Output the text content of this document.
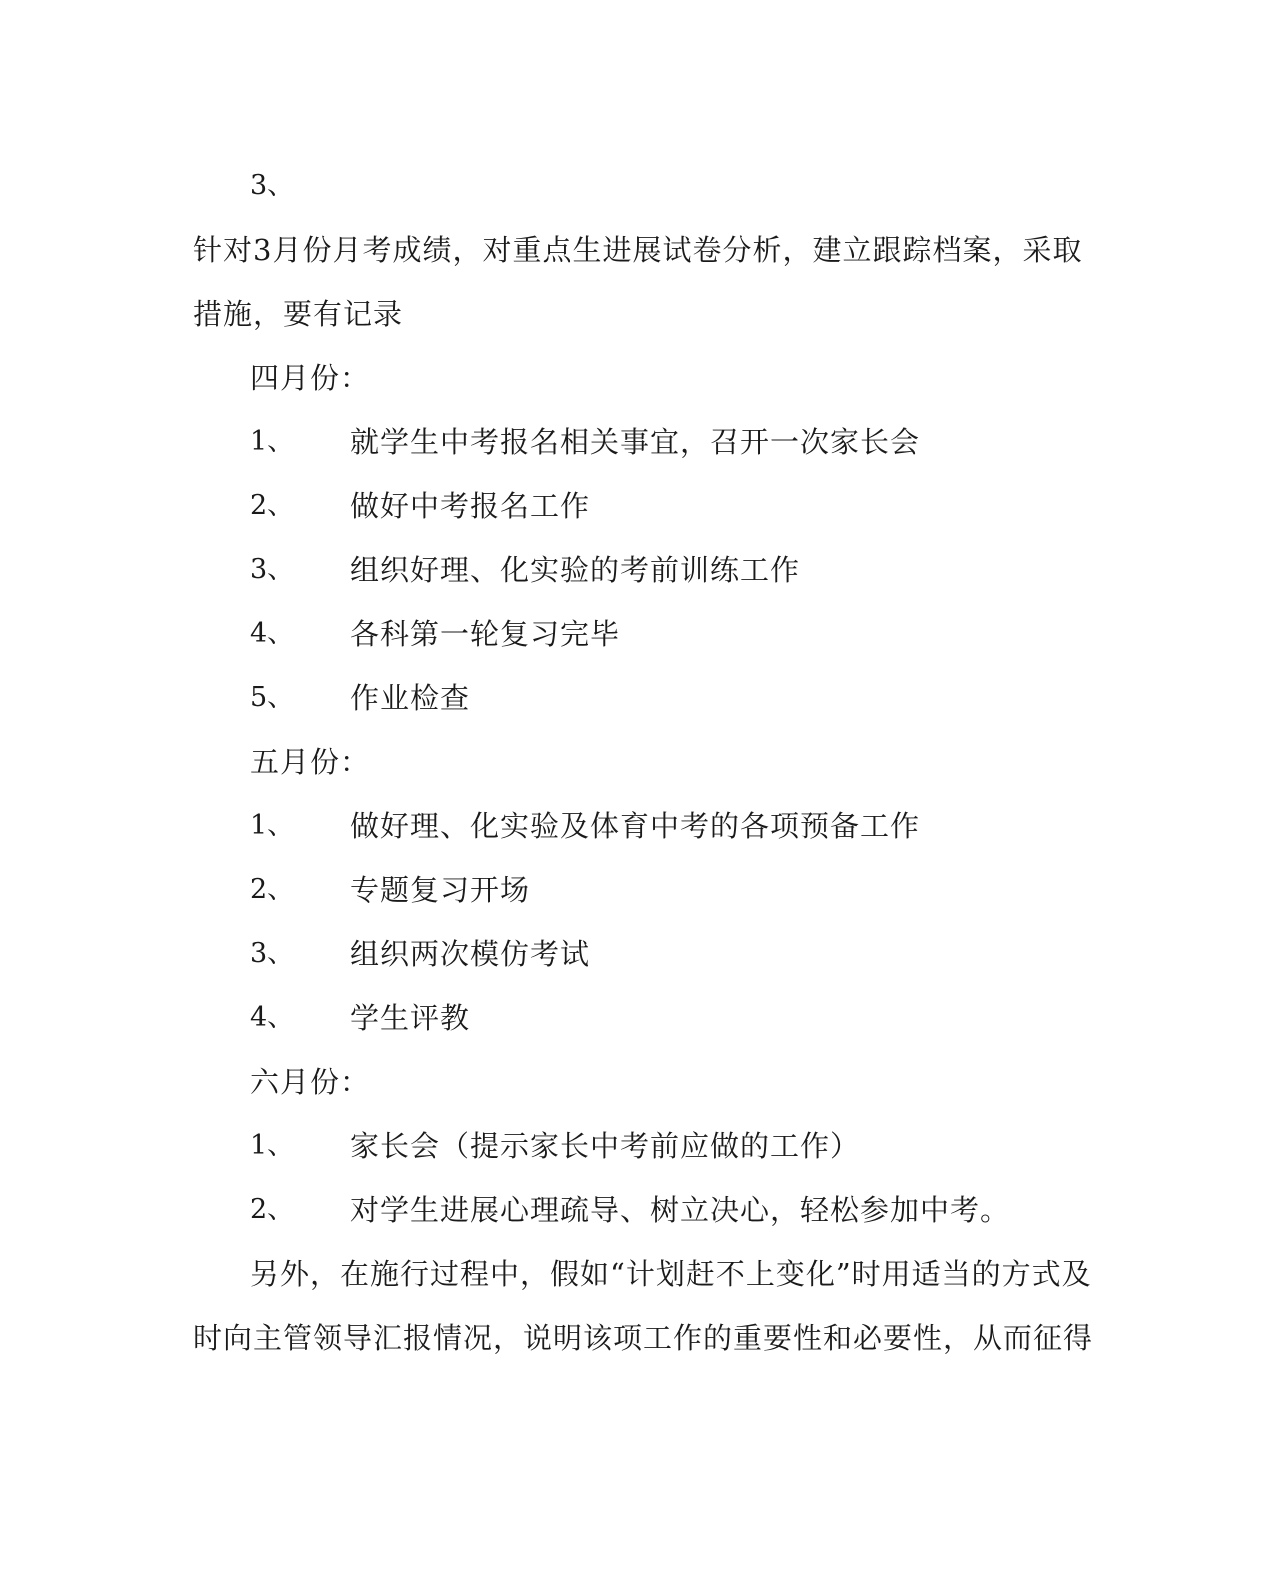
3、
针对3月份月考成绩，对重点生进展试卷分析，建立跟踪档案，采取
措施，要有记录
四月份：
1、 就学生中考报名相关事宜，召开一次家长会
2、 做好中考报名工作
3、 组织好理、化实验的考前训练工作
4、 各科第一轮复习完毕
5、 作业检查
五月份：
1、 做好理、化实验及体育中考的各项预备工作
2、 专题复习开场
3、 组织两次模仿考试
4、 学生评教
六月份：
1、 家长会（提示家长中考前应做的工作）
2、 对学生进展心理疏导、树立决心，轻松参加中考。
另外，在施行过程中，假如“计划赶不上变化”时用适当的方式及
时向主管领导汇报情况，说明该项工作的重要性和必要性，从而征得
